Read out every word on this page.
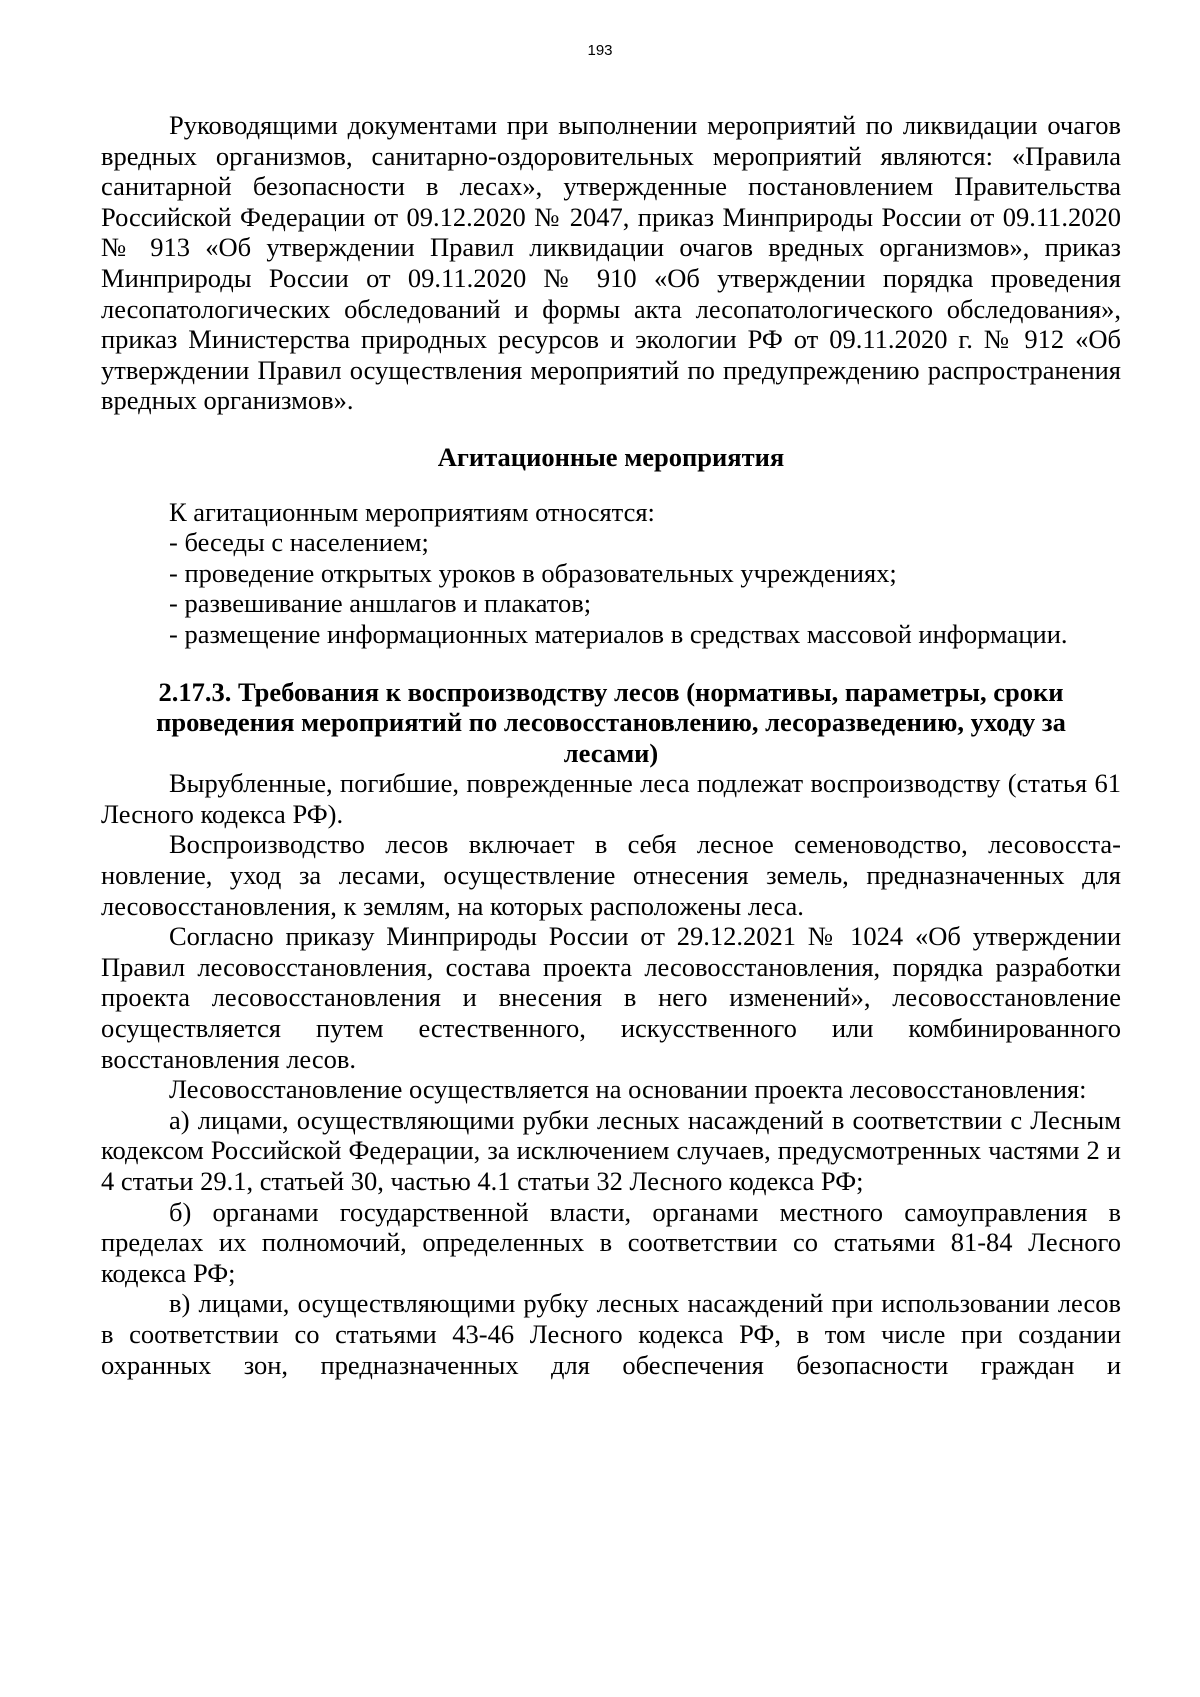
193

Руководящими документами при выполнении мероприятий по ликвидации очагов вредных организмов, санитарно-оздоровительных мероприятий являются: «Правила санитарной безопасности в лесах», утвержденные постановлением Правительства Российской Федерации от 09.12.2020 № 2047, приказ Минприроды России от 09.11.2020 № 913 «Об утверждении Правил ликвидации очагов вредных организмов», приказ Минприроды России от 09.11.2020 № 910 «Об утверждении порядка проведения лесопатологических обследований и формы акта лесопатологического обследования», приказ Министерства природных ресурсов и экологии РФ от 09.11.2020 г. № 912 «Об утверждении Правил осуществления мероприятий по предупреждению распространения вредных организмов».

Агитационные мероприятия

К агитационным мероприятиям относятся:

- беседы с населением;

- проведение открытых уроков в образовательных учреждениях;

- развешивание аншлагов и плакатов;

- размещение информационных материалов в средствах массовой информации.

2.17.3. Требования к воспроизводству лесов (нормативы, параметры, сроки проведения мероприятий по лесовосстановлению, лесоразведению, уходу за лесами)

Вырубленные, погибшие, поврежденные леса подлежат воспроизводству (статья 61 Лесного кодекса РФ).

Воспроизводство лесов включает в себя лесное семеноводство, лесовосстановление, уход за лесами, осуществление отнесения земель, предназначенных для лесовосстановления, к землям, на которых расположены леса.

Согласно приказу Минприроды России от 29.12.2021 № 1024 «Об утверждении Правил лесовосстановления, состава проекта лесовосстановления, порядка разработки проекта лесовосстановления и внесения в него изменений», лесовосстановление осуществляется путем естественного, искусственного или комбинированного восстановления лесов.

Лесовосстановление осуществляется на основании проекта лесовосстановления:

а) лицами, осуществляющими рубки лесных насаждений в соответствии с Лесным кодексом Российской Федерации, за исключением случаев, предусмотренных частями 2 и 4 статьи 29.1, статьей 30, частью 4.1 статьи 32 Лесного кодекса РФ;

б) органами государственной власти, органами местного самоуправления в пределах их полномочий, определенных в соответствии со статьями 81-84 Лесного кодекса РФ;

в) лицами, осуществляющими рубку лесных насаждений при использовании лесов в соответствии со статьями 43-46 Лесного кодекса РФ, в том числе при создании охранных зон, предназначенных для обеспечения безопасности граждан и
